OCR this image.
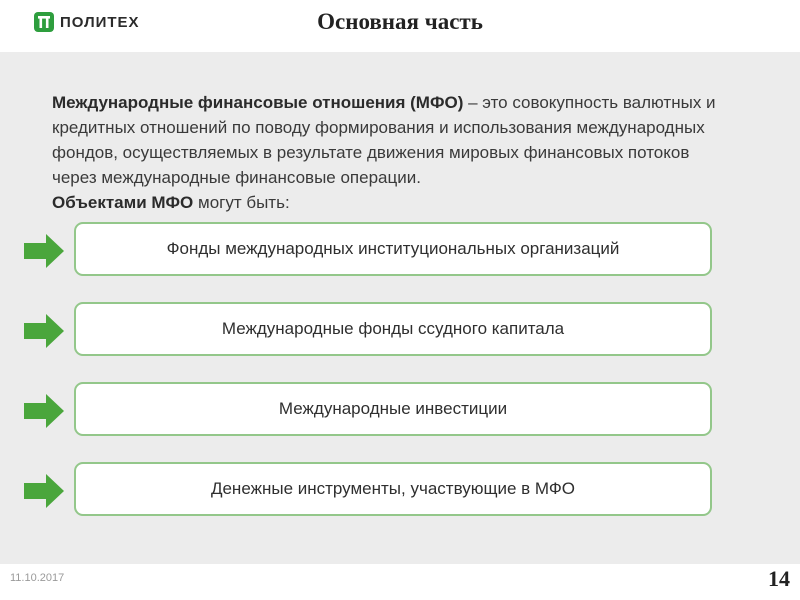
ПОЛИТЕХ	Основная часть
Международные финансовые отношения (МФО) – это совокупность валютных и кредитных отношений по поводу формирования и использования международных фондов, осуществляемых в результате движения мировых финансовых потоков через международные финансовые операции.
Объектами МФО могут быть:
Фонды международных институциональных организаций
Международные фонды ссудного капитала
Международные инвестиции
Денежные инструменты, участвующие в МФО
11.10.2017	14
